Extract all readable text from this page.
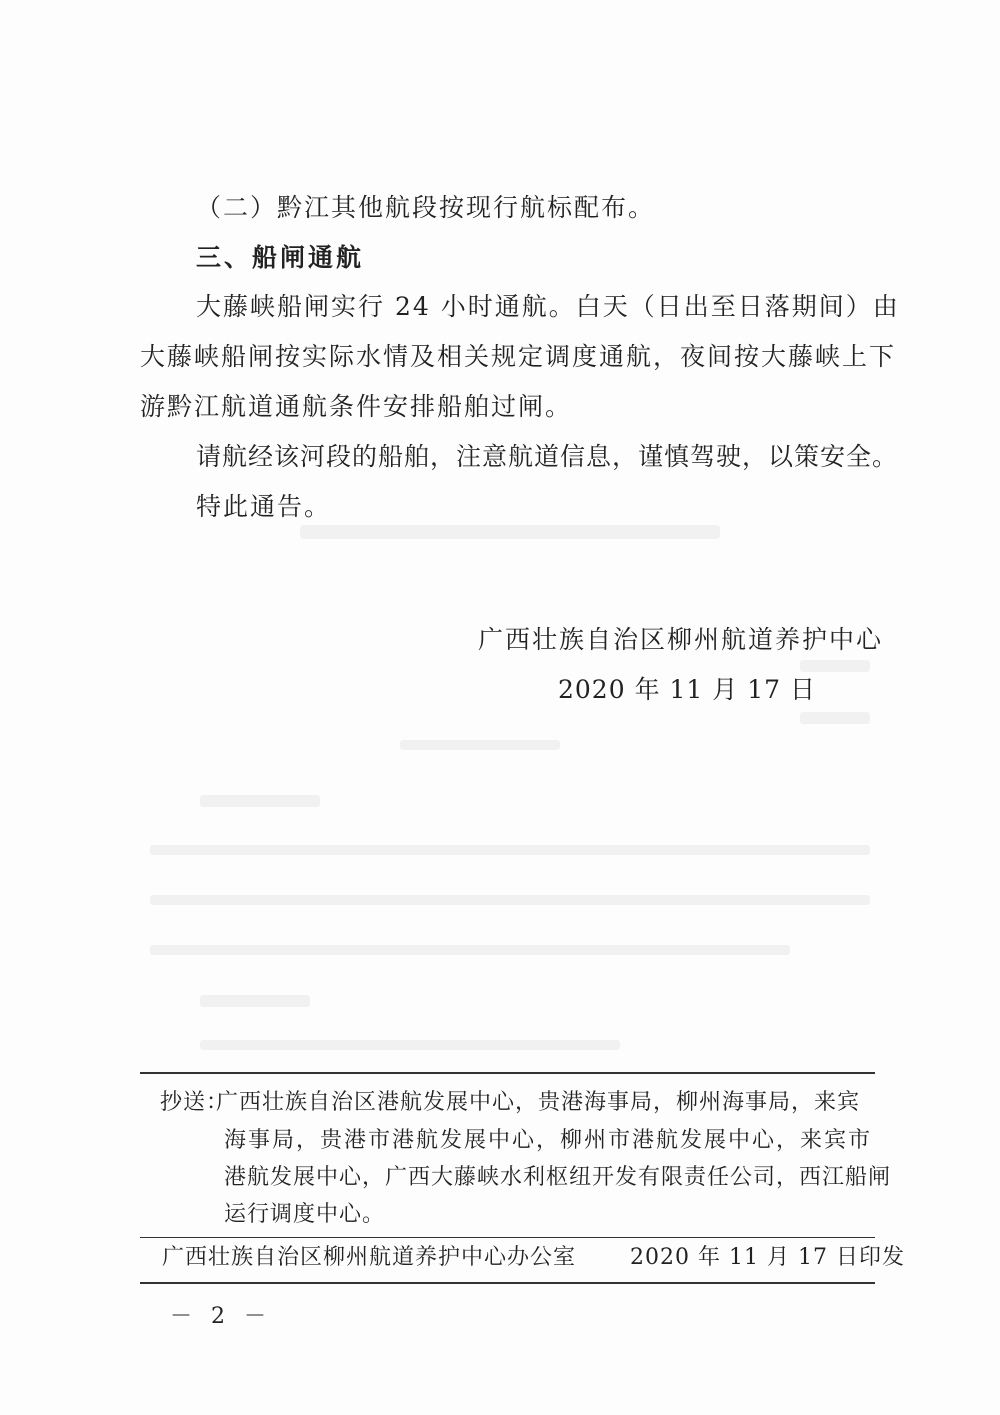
（二）黔江其他航段按现行航标配布。
三、船闸通航
大藤峡船闸实行 24 小时通航。白天（日出至日落期间）由
大藤峡船闸按实际水情及相关规定调度通航，夜间按大藤峡上下
游黔江航道通航条件安排船舶过闸。
请航经该河段的船舶，注意航道信息，谨慎驾驶，以策安全。
特此通告。
广西壮族自治区柳州航道养护中心
2020 年 11 月 17 日
抄送：
广西壮族自治区港航发展中心，贵港海事局，柳州海事局，来宾
海事局，贵港市港航发展中心，柳州市港航发展中心，来宾市
港航发展中心，广西大藤峡水利枢纽开发有限责任公司，西江船闸
运行调度中心。
广西壮族自治区柳州航道养护中心办公室 2020 年 11 月 17 日印发
－ 2 －
